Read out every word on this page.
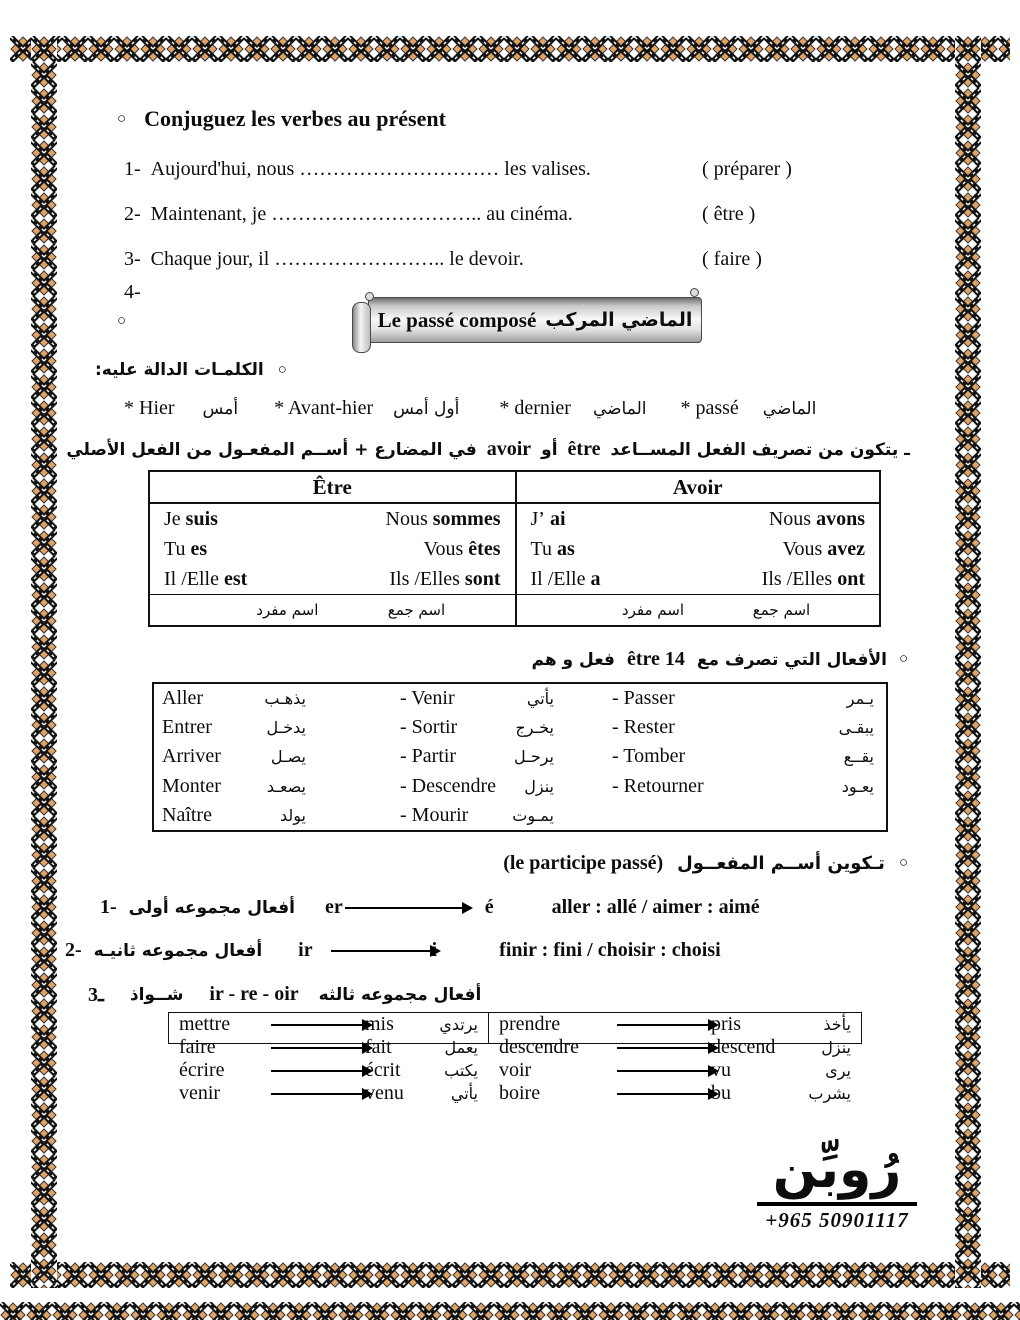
○ Conjuguez les verbes au présent
1- Aujourd'hui, nous ………………………… les valises.	( préparer )
2- Maintenant, je ………………………….. au cinéma.	( être )
3- Chaque jour, il …………………….. le devoir.	( faire )
4-
○	Le passé composé الماضي المركب
الكلمـات الدالة عليه: ○
* Hier أمس * Avant-hier أول أمس * dernier الماضي * passé الماضي
ـ يتكون من تصريف الفعل المســاعد
être
أو
avoir
في المضارع + أســم المفعـول من الفعل الأصلي
Être
Je suis	Nous sommes
Tu es	Vous êtes
Il /Elle est	Ils /Elles sont
اسم مفرد	اسم جمع
Avoir
J’ ai	Nous avons
Tu as	Vous avez
Il /Elle a	Ils /Elles ont
اسم مفرد	اسم جمع
○
الأفعال التي تصرف مع
être 14
فعل و هم
Aller	يذهـب	- Venir	يأتي	- Passer	يـمر
Entrer	يدخـل	- Sortir	يخـرج	- Rester	يبقـى
Arriver	يصـل	- Partir	يرحـل	- Tomber	يقــع
Monter	يصعـد	- Descendre ينزل	- Retourner	يعـود
Naître	يولد	- Mourir	يمـوت
○
تـكوين أســم المفعــول
(le participe passé)
1- أفعال مجموعه أولى er	é	aller : allé / aimer : aimé
2- أفعال مجموعه ثانيـه ir	finir : fini / choisir : choisi
3ـ شــواذ ir - re - oir أفعال مجموعه ثالثه
mettre	mis	يرتدي
faire	fait	يعمل
écrire	écrit	يكتب
venir	venu	يأتي
prendre	pris	يأخذ
descendre	descend	ينزل
voir	vu	يرى
boire	bu	يشرب
رُوبِّن
+965 50901117
